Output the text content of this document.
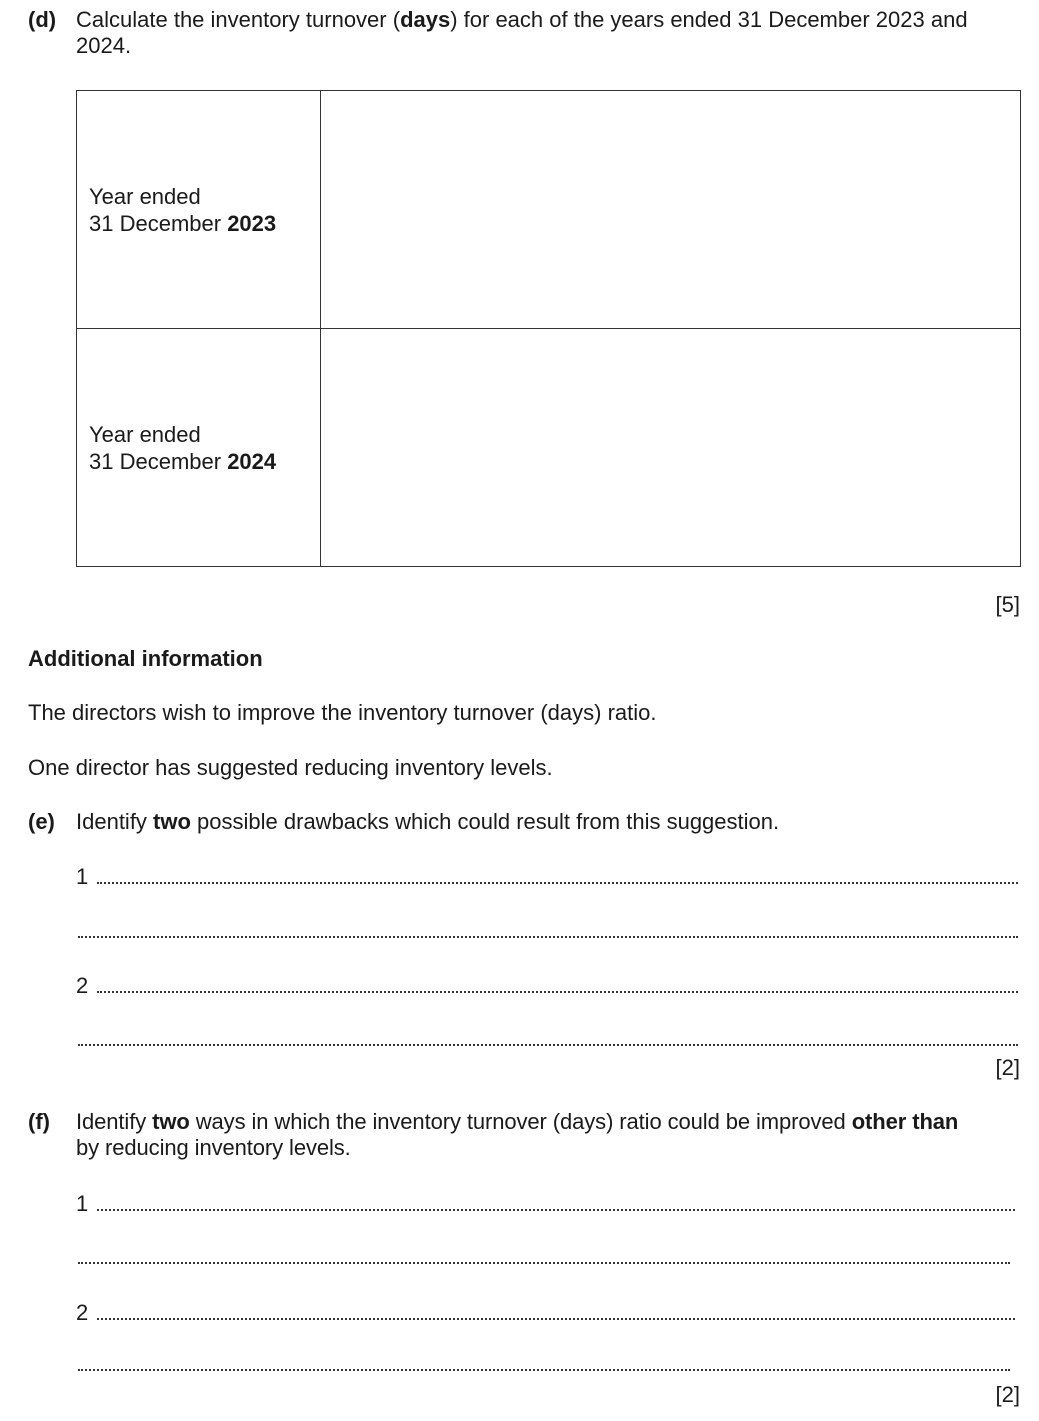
(d) Calculate the inventory turnover (days) for each of the years ended 31 December 2023 and
2024.
Year ended
31 December 2023	
Year ended
31 December 2024	
[5]
Additional information
The directors wish to improve the inventory turnover (days) ratio.
One director has suggested reducing inventory levels.
(e) Identify two possible drawbacks which could result from this suggestion.
1
2
[2]
(f) Identify two ways in which the inventory turnover (days) ratio could be improved other than
by reducing inventory levels.
1
2
[2]
